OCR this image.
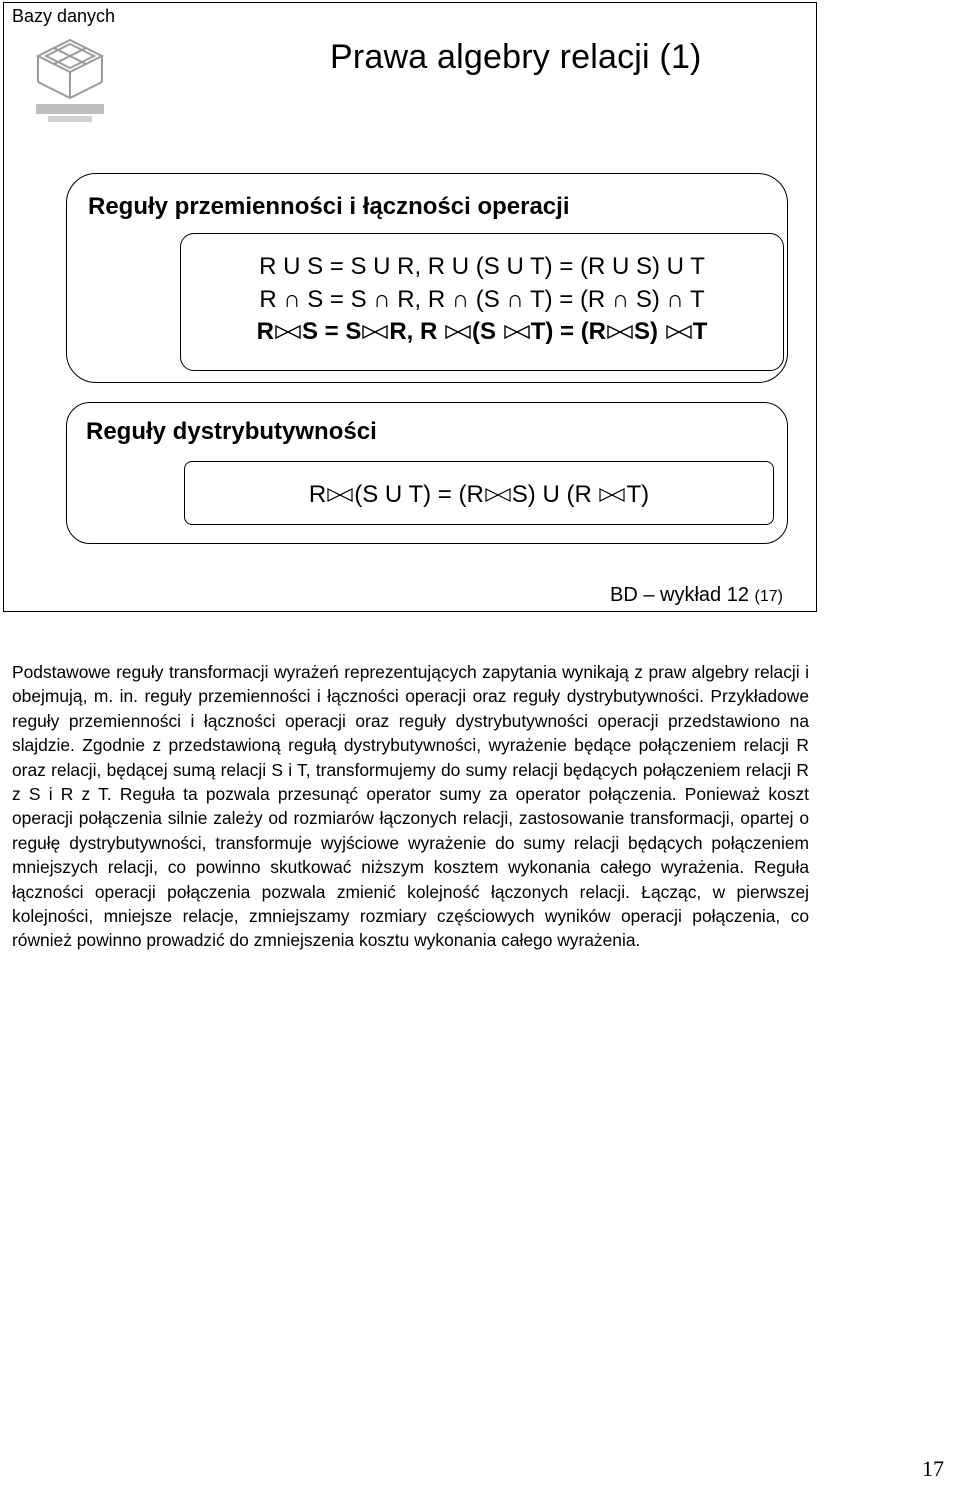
Bazy danych
Prawa algebry relacji (1)
Reguły przemienności i łączności operacji
R U S = S U R, R U (S U T) = (R U S) U T
R ∩ S = S ∩ R, R ∩ (S ∩ T) = (R ∩ S) ∩ T
R S = S R, R (S T) = (R S) T
Reguły dystrybutywności
R (S U T) = (R S) U (R T)
BD – wykład 12 (17)
Podstawowe reguły transformacji wyrażeń reprezentujących zapytania wynikają z praw algebry relacji i obejmują, m. in. reguły przemienności i łączności operacji oraz reguły dystrybutywności. Przykładowe reguły przemienności i łączności operacji oraz reguły dystrybutywności operacji przedstawiono na slajdzie. Zgodnie z przedstawioną regułą dystrybutywności, wyrażenie będące połączeniem relacji R oraz relacji, będącej sumą relacji S i T, transformujemy do sumy relacji będących połączeniem relacji R z S i R z T. Reguła ta pozwala przesunąć operator sumy za operator połączenia. Ponieważ koszt operacji połączenia silnie zależy od rozmiarów łączonych relacji, zastosowanie transformacji, opartej o regułę dystrybutywności, transformuje wyjściowe wyrażenie do sumy relacji będących połączeniem mniejszych relacji, co powinno skutkować niższym kosztem wykonania całego wyrażenia. Reguła łączności operacji połączenia pozwala zmienić kolejność łączonych relacji. Łącząc, w pierwszej kolejności, mniejsze relacje, zmniejszamy rozmiary częściowych wyników operacji połączenia, co również powinno prowadzić do zmniejszenia kosztu wykonania całego wyrażenia.
17
